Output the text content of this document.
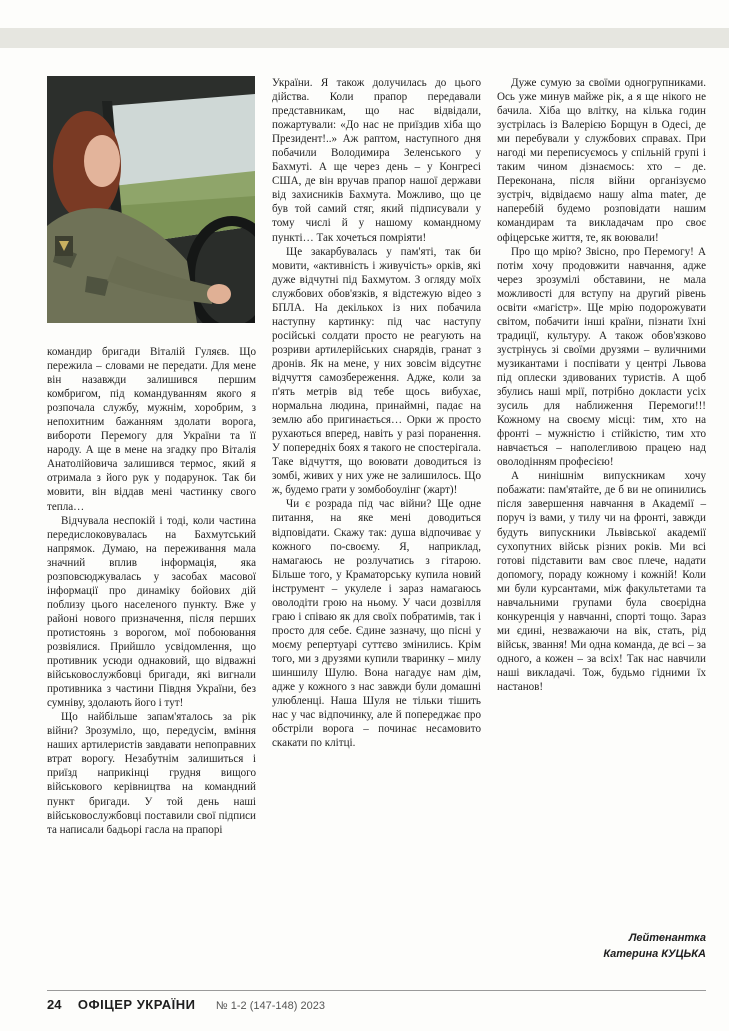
командир бригади Віталій Гуляєв. Що пережила – словами не передати. Для мене він назавжди залишився першим комбригом, під командуванням якого я розпочала службу, мужнім, хоробрим, з непохитним бажанням здолати ворога, вибороти Перемогу для України та її народу. А ще в мене на згадку про Віталія Анатолійовича залишився термос, який я отримала з його рук у подарунок. Так би мовити, він віддав мені частинку свого тепла…

Відчувала неспокій і тоді, коли частина передислоковувалась на Бахмутський напрямок. Думаю, на переживання мала значний вплив інформація, яка розповсюджувалась у засобах масової інформації про динаміку бойових дій поблизу цього населеного пункту. Вже у районі нового призначення, після перших протистоянь з ворогом, мої побоювання розвіялися. Прийшло усвідомлення, що противник усюди однаковий, що відважні військовослужбовці бригади, які вигнали противника з частини Півдня України, без сумніву, здолають його і тут!

Що найбільше запам'яталось за рік війни? Зрозуміло, що, передусім, вміння наших артилеристів завдавати непоправних втрат ворогу. Незабутнім залишиться і приїзд наприкінці грудня вищого військового керівництва на командний пункт бригади. У той день наші військовослужбовці поставили свої підписи та написали бадьорі гасла на прапорі

України. Я також долучилась до цього дійства. Коли прапор передавали представникам, що нас відвідали, пожартували: «До нас не приїздив хіба що Президент!..» Аж раптом, наступного дня побачили Володимира Зеленського у Бахмуті. А ще через день – у Конгресі США, де він вручав прапор нашої держави від захисників Бахмута. Можливо, що це був той самий стяг, який підписували у тому числі й у нашому командному пункті… Так хочеться помріяти!

Ще закарбувалась у пам'яті, так би мовити, «активність і живучість» орків, які дуже відчутні під Бахмутом. З огляду моїх службових обов'язків, я відстежую відео з БПЛА. На декількох із них побачила наступну картинку: під час наступу російські солдати просто не реагують на розриви артилерійських снарядів, гранат з дронів. Як на мене, у них зовсім відсутнє відчуття самозбереження. Адже, коли за п'ять метрів від тебе щось вибухає, нормальна людина, принаймні, падає на землю або пригинається… Орки ж просто рухаються вперед, навіть у разі поранення. У попередніх боях я такого не спостерігала. Таке відчуття, що воювати доводиться із зомбі, живих у них уже не залишилось. Що ж, будемо грати у зомбобоулінг (жарт)!

Чи є розрада під час війни? Ще одне питання, на яке мені доводиться відповідати. Скажу так: душа відпочиває у кожного по-своєму. Я, наприклад, намагаюсь не розлучатись з гітарою. Більше того, у Краматорську купила новий інструмент – укулеле і зараз намагаюсь оволодіти грою на ньому. У часи дозвілля граю і співаю як для своїх побратимів, так і просто для себе. Єдине зазначу, що пісні у моєму репертуарі суттєво змінились. Крім того, ми з друзями купили тваринку – милу шиншилу Шулю. Вона нагадує нам дім, адже у кожного з нас завжди були домашні улюбленці. Наша Шуля не тільки тішить нас у час відпочинку, але й попереджає про обстріли ворога – починає несамовито скакати по клітці.

Дуже сумую за своїми одногрупниками. Ось уже минув майже рік, а я ще нікого не бачила. Хіба що влітку, на кілька годин зустрілась із Валерією Борщун в Одесі, де ми перебували у службових справах. При нагоді ми переписуємось у спільній групі і таким чином дізнаємось: хто – де. Переконана, після війни організуємо зустріч, відвідаємо нашу alma mater, де наперебій будемо розповідати нашим командирам та викладачам про своє офіцерське життя, те, як воювали!

Про що мрію? Звісно, про Перемогу! А потім хочу продовжити навчання, адже через зрозумілі обставини, не мала можливості для вступу на другий рівень освіти «магістр». Ще мрію подорожувати світом, побачити інші країни, пізнати їхні традиції, культуру. А також обов'язково зустрінусь зі своїми друзями – вуличними музикантами і поспівати у центрі Львова під оплески здивованих туристів. А щоб збулись наші мрії, потрібно докласти усіх зусиль для наближення Перемоги!!! Кожному на своєму місці: тим, хто на фронті – мужністю і стійкістю, тим хто навчається – наполегливою працею над оволодінням професією!

А нинішнім випускникам хочу побажати: пам'ятайте, де б ви не опинились після завершення навчання в Академії – поруч із вами, у тилу чи на фронті, завжди будуть випускники Львівської академії сухопутних військ різних років. Ми всі готові підставити вам своє плече, надати допомогу, пораду кожному і кожній! Коли ми були курсантами, між факультетами та навчальними групами була своєрідна конкуренція у навчанні, спорті тощо. Зараз ми єдині, незважаючи на вік, стать, рід військ, звання! Ми одна команда, де всі – за одного, а кожен – за всіх! Так нас навчили наші викладачі. Тож, будьмо гідними їх настанов!

Лейтенантка
Катерина КУЦЬКА
24 ОФІЦЕР УКРАЇНИ № 1-2 (147-148) 2023
